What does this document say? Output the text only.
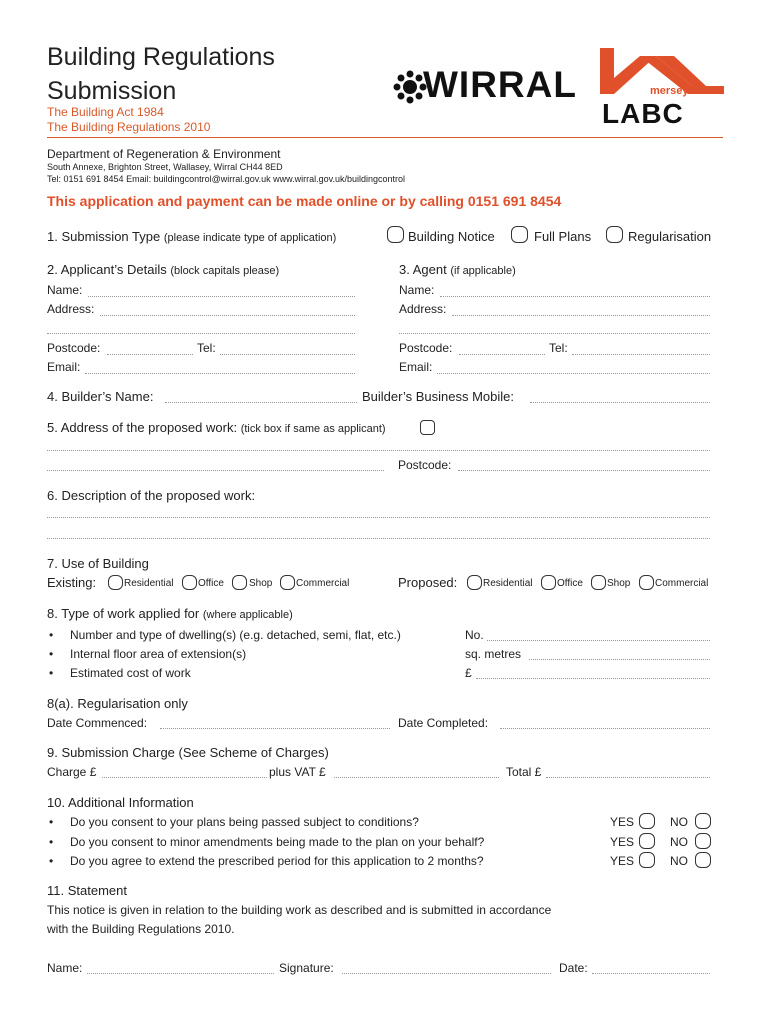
Building Regulations
Submission
The Building Act 1984
The Building Regulations 2010
WIRRAL	merseyside
LABC
Department of Regeneration & Environment
South Annexe, Brighton Street, Wallasey, Wirral CH44 8ED
Tel: 0151 691 8454 Email: buildingcontrol@wirral.gov.uk www.wirral.gov.uk/buildingcontrol
This application and payment can be made online or by calling 0151 691 8454
1. Submission Type (please indicate type of application)	Building Notice	Full Plans	Regularisation
2. Applicant’s Details (block capitals please)
Name:
Address:
Postcode:	Tel:
Email:
3. Agent (if applicable)
Name:
Address:
Postcode:	Tel:
Email:
4. Builder’s Name:	Builder’s Business Mobile:
5. Address of the proposed work: (tick box if same as applicant)
Postcode:
6. Description of the proposed work:
7. Use of Building
Existing:	Residential Office	Shop Commercial	Proposed:	Residential Office Shop Commercial
8. Type of work applied for (where applicable)
• Number and type of dwelling(s) (e.g. detached, semi, flat, etc.)	No.
• Internal floor area of extension(s)	sq. metres
• Estimated cost of work	£
8(a). Regularisation only
Date Commenced:	Date Completed:
9. Submission Charge (See Scheme of Charges)
Charge £	plus VAT £	Total £
10. Additional Information
• Do you consent to your plans being passed subject to conditions?	YES	NO
• Do you consent to minor amendments being made to the plan on your behalf?	YES	NO
• Do you agree to extend the prescribed period for this application to 2 months?	YES	NO
11. Statement
This notice is given in relation to the building work as described and is submitted in accordance
with the Building Regulations 2010.
Name:	Signature:	Date:
